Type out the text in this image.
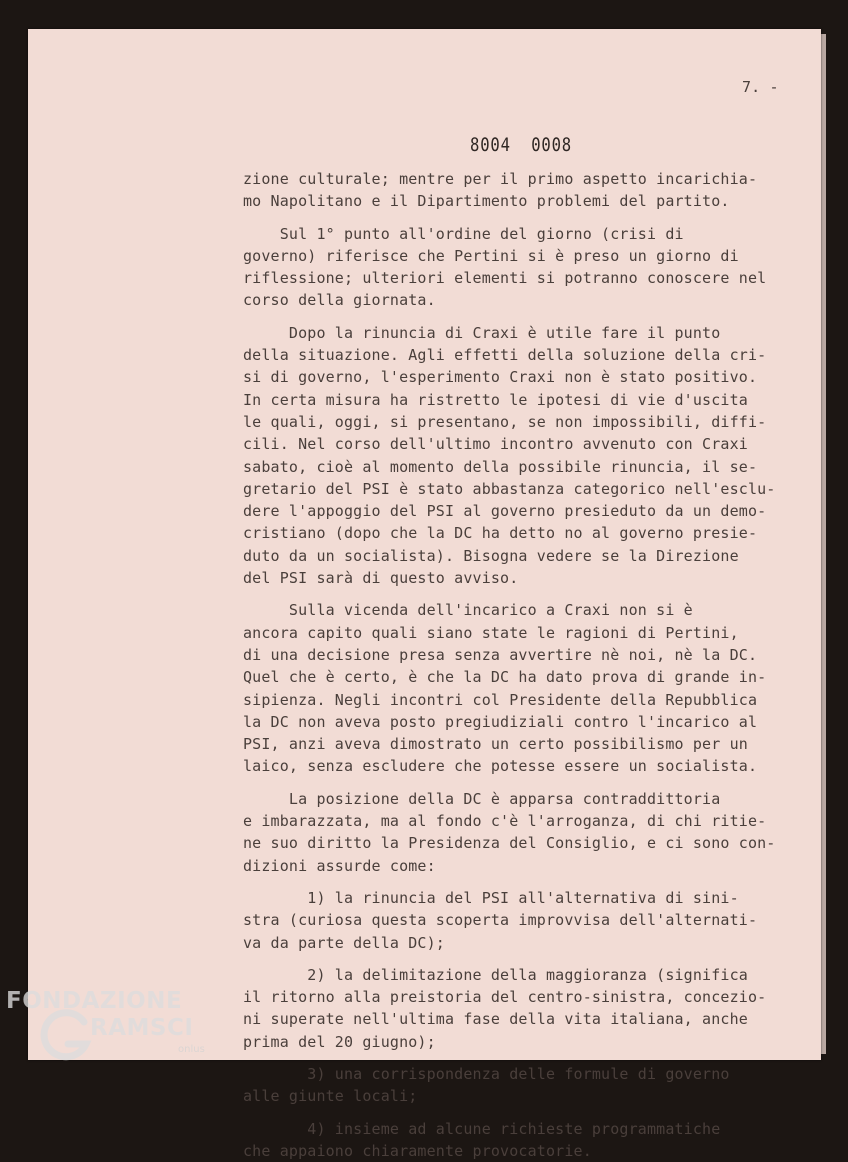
7. -
8004  0008
zione culturale; mentre per il primo aspetto incarichia-
mo Napolitano e il Dipartimento problemi del partito.
Sul 1° punto all'ordine del giorno (crisi di
governo) riferisce che Pertini si è preso un giorno di
riflessione; ulteriori elementi si potranno conoscere nel
corso della giornata.
Dopo la rinuncia di Craxi è utile fare il punto
della situazione. Agli effetti della soluzione della cri-
si di governo, l'esperimento Craxi non è stato positivo.
In certa misura ha ristretto le ipotesi di vie d'uscita
le quali, oggi, si presentano, se non impossibili, diffi-
cili. Nel corso dell'ultimo incontro avvenuto con Craxi
sabato, cioè al momento della possibile rinuncia, il se-
gretario del PSI è stato abbastanza categorico nell'esclu-
dere l'appoggio del PSI al governo presieduto da un demo-
cristiano (dopo che la DC ha detto no al governo presie-
duto da un socialista). Bisogna vedere se la Direzione
del PSI sarà di questo avviso.
Sulla vicenda dell'incarico a Craxi non si è
ancora capito quali siano state le ragioni di Pertini,
di una decisione presa senza avvertire nè noi, nè la DC.
Quel che è certo, è che la DC ha dato prova di grande in-
sipienza. Negli incontri col Presidente della Repubblica
la DC non aveva posto pregiudiziali contro l'incarico al
PSI, anzi aveva dimostrato un certo possibilismo per un
laico, senza escludere che potesse essere un socialista.
La posizione della DC è apparsa contraddittoria
e imbarazzata, ma al fondo c'è l'arroganza, di chi ritie-
ne suo diritto la Presidenza del Consiglio, e ci sono con-
dizioni assurde come:
1) la rinuncia del PSI all'alternativa di sini-
stra (curiosa questa scoperta improvvisa dell'alternati-
va da parte della DC);
2) la delimitazione della maggioranza (significa
il ritorno alla preistoria del centro-sinistra, concezio-
ni superate nell'ultima fase della vita italiana, anche
prima del 20 giugno);
3) una corrispondenza delle formule di governo
alle giunte locali;
4) insieme ad alcune richieste programmatiche
che appaiono chiaramente provocatorie.
FONDAZIONE
RAMSCI
onlus
